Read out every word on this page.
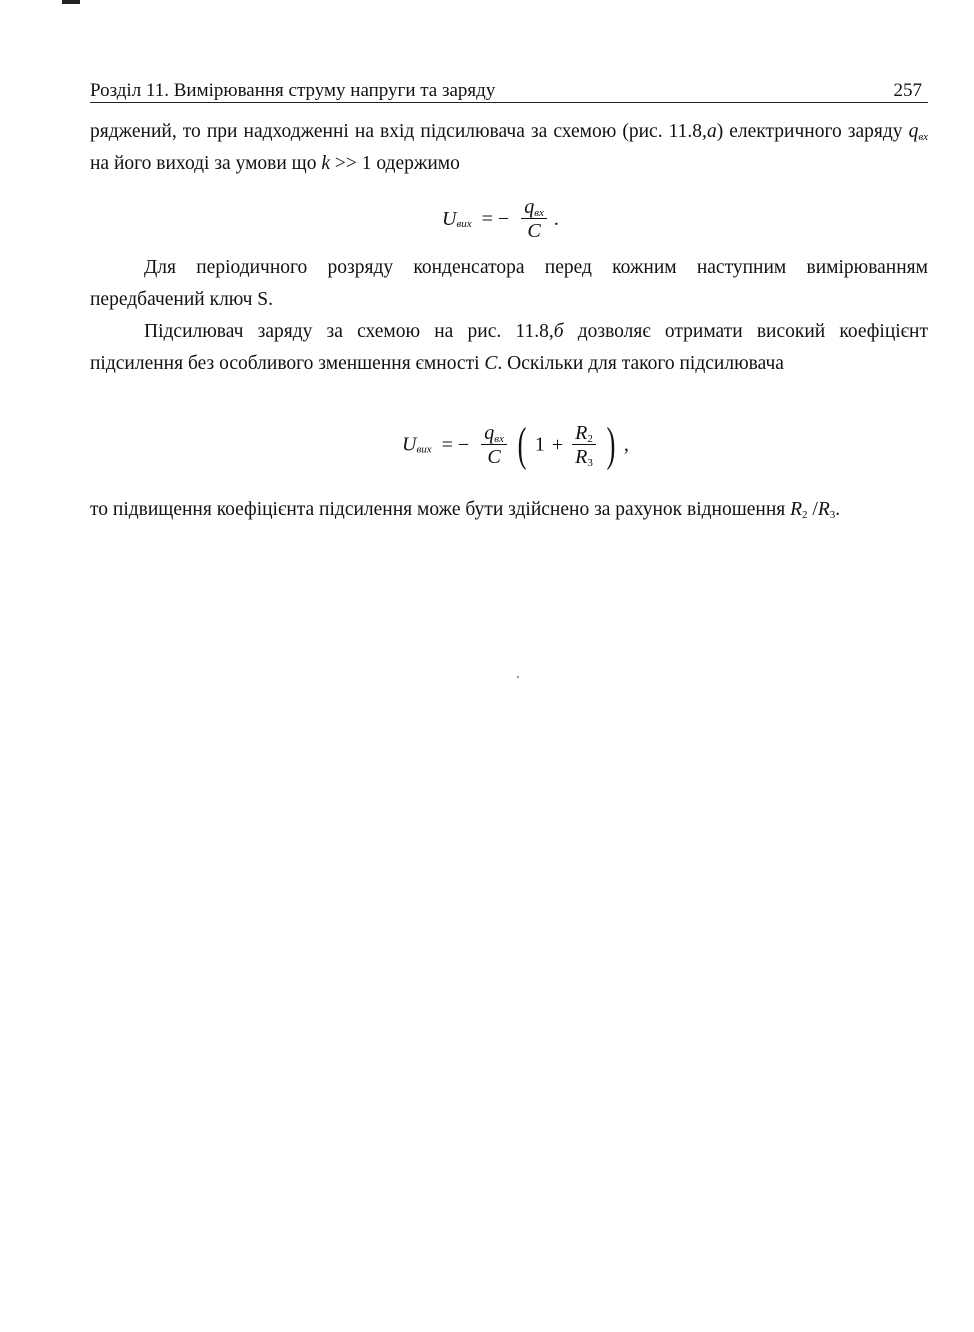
Розділ 11. Вимірювання струму напруги та заряду	257

ряджений, то при надходженні на вхід підсилювача за схемою (рис. 11.8,а) електричного заряду $q_{вх}$ на його виході за умови що k >> 1 одержимо

$U_{вих}$ = − $\frac{q_{вх}}{C}$ .

Для періодичного розряду конденсатора перед кожним наступним вимірюванням передбачений ключ S.

Підсилювач заряду за схемою на рис. 11.8,б дозволяє отримати високий коефіцієнт підсилення без особливого зменшення ємності C. Оскільки для такого підсилювача

$U_{вих}$ = − $\frac{q_{вх}}{C}$ ( $1 + \frac{R_2}{R_3}$ ) ,

то підвищення коефіцієнта підсилення може бути здійснено за рахунок відношення $R_2$ $/R_3$.
